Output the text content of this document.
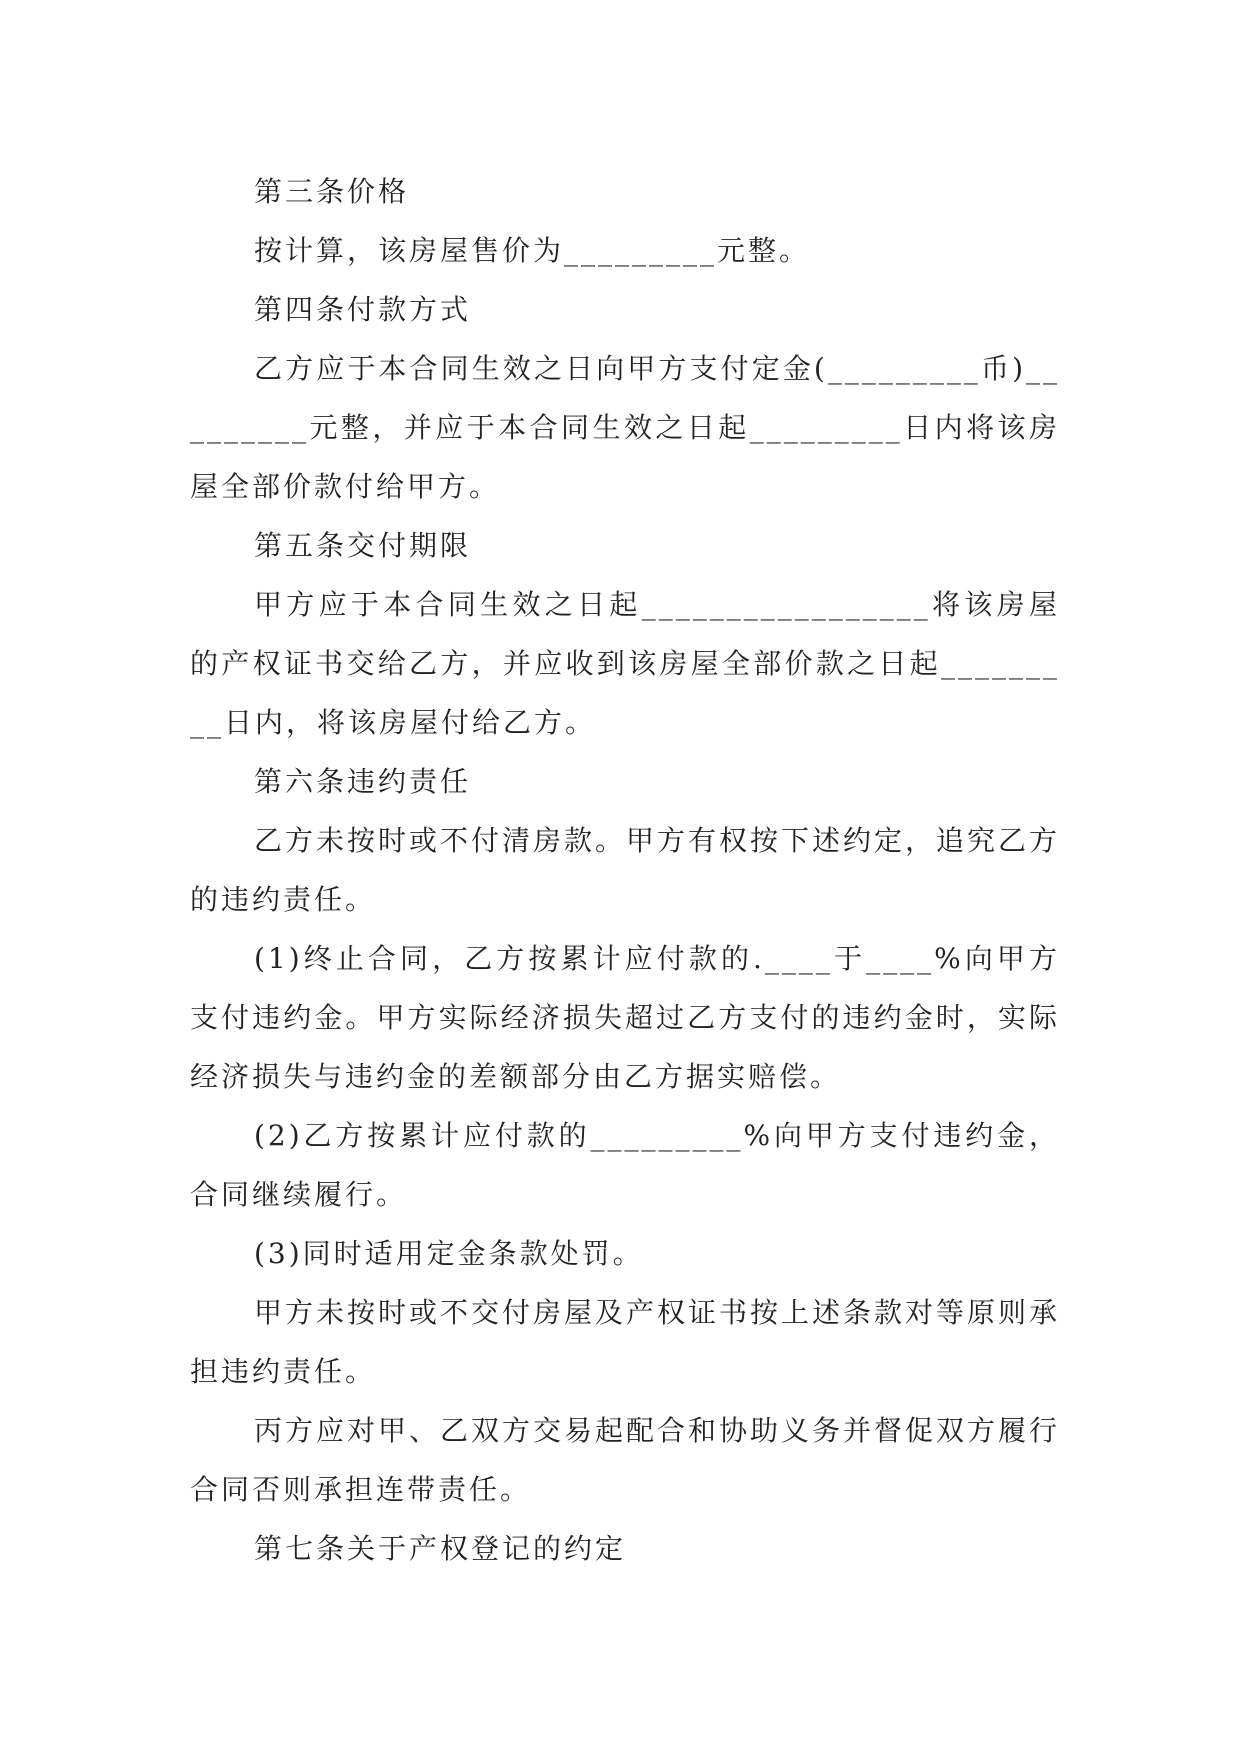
第三条价格

按计算，该房屋售价为_________元整。

第四条付款方式

乙方应于本合同生效之日向甲方支付定金(_________币)_________元整，并应于本合同生效之日起_________日内将该房屋全部价款付给甲方。

第五条交付期限

甲方应于本合同生效之日起_________________将该房屋的产权证书交给乙方，并应收到该房屋全部价款之日起_________日内，将该房屋付给乙方。

第六条违约责任

乙方未按时或不付清房款。甲方有权按下述约定，追究乙方的违约责任。

(1)终止合同，乙方按累计应付款的.____于____%向甲方支付违约金。甲方实际经济损失超过乙方支付的违约金时，实际经济损失与违约金的差额部分由乙方据实赔偿。

(2)乙方按累计应付款的_________%向甲方支付违约金，合同继续履行。

(3)同时适用定金条款处罚。

甲方未按时或不交付房屋及产权证书按上述条款对等原则承担违约责任。

丙方应对甲、乙双方交易起配合和协助义务并督促双方履行合同否则承担连带责任。

第七条关于产权登记的约定
